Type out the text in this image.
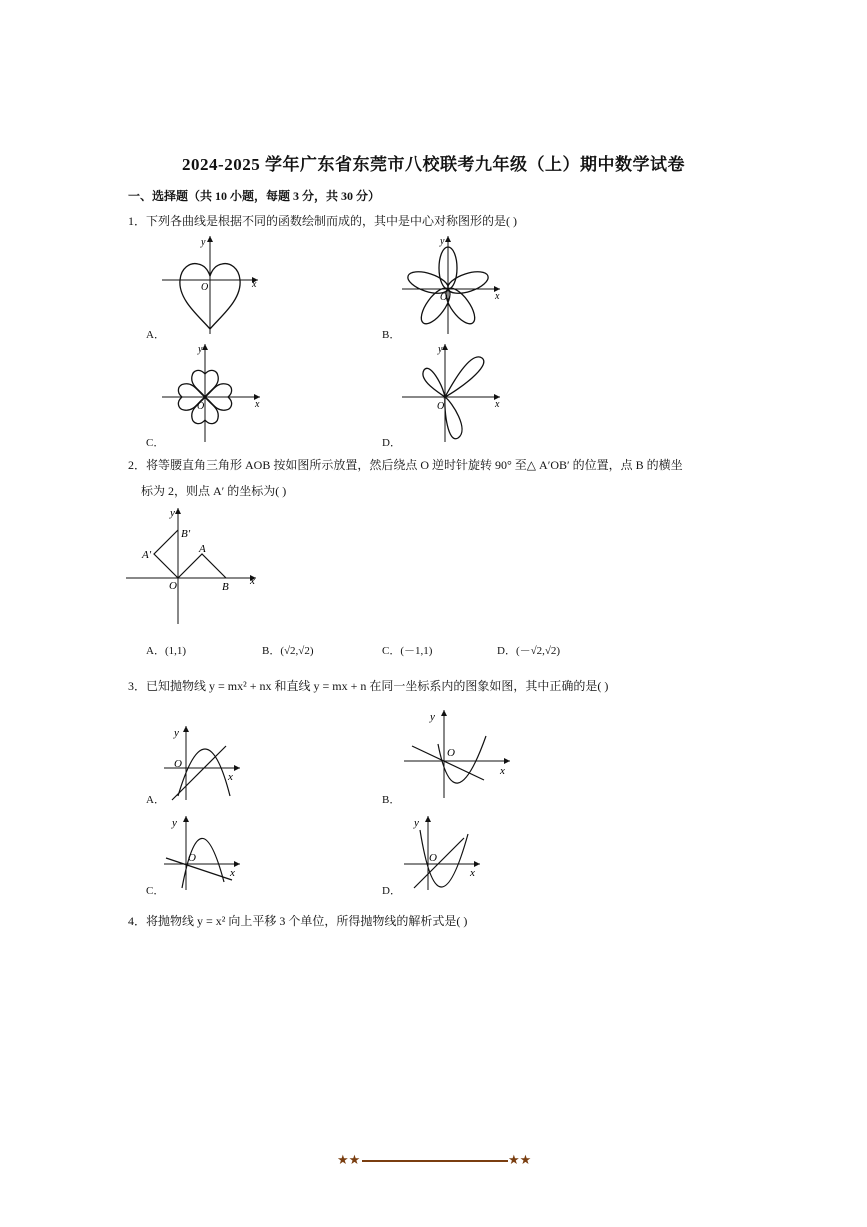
2024-2025 学年广东省东莞市八校联考九年级（上）期中数学试卷
一、选择题（共 10 小题，每题 3 分，共 30 分）
1．下列各曲线是根据不同的函数绘制而成的，其中是中心对称图形的是( )
O	x
y
A．
O	x
y
B．
O	x
y
C．
O	x
y
D．
2．将等腰直角三角形 AOB 按如图所示放置，然后绕点 O 逆时针旋转 90° 至△ A′OB′ 的位置，点 B 的横坐
标为 2，则点 A′ 的坐标为( )
O
A
B
A′
B′
y
x
A．(1,1)	B．(√2,√2)	C．(－1,1)	D．(－√2,√2)
3．已知抛物线 y = mx² + nx 和直线 y = mx + n 在同一坐标系内的图象如图，其中正确的是( )
O
y
x
A．
O
y
x
B．
O
y
x
C．
O
y
x
D．
4．将抛物线 y = x² 向上平移 3 个单位，所得抛物线的解析式是( )
★★	★★
